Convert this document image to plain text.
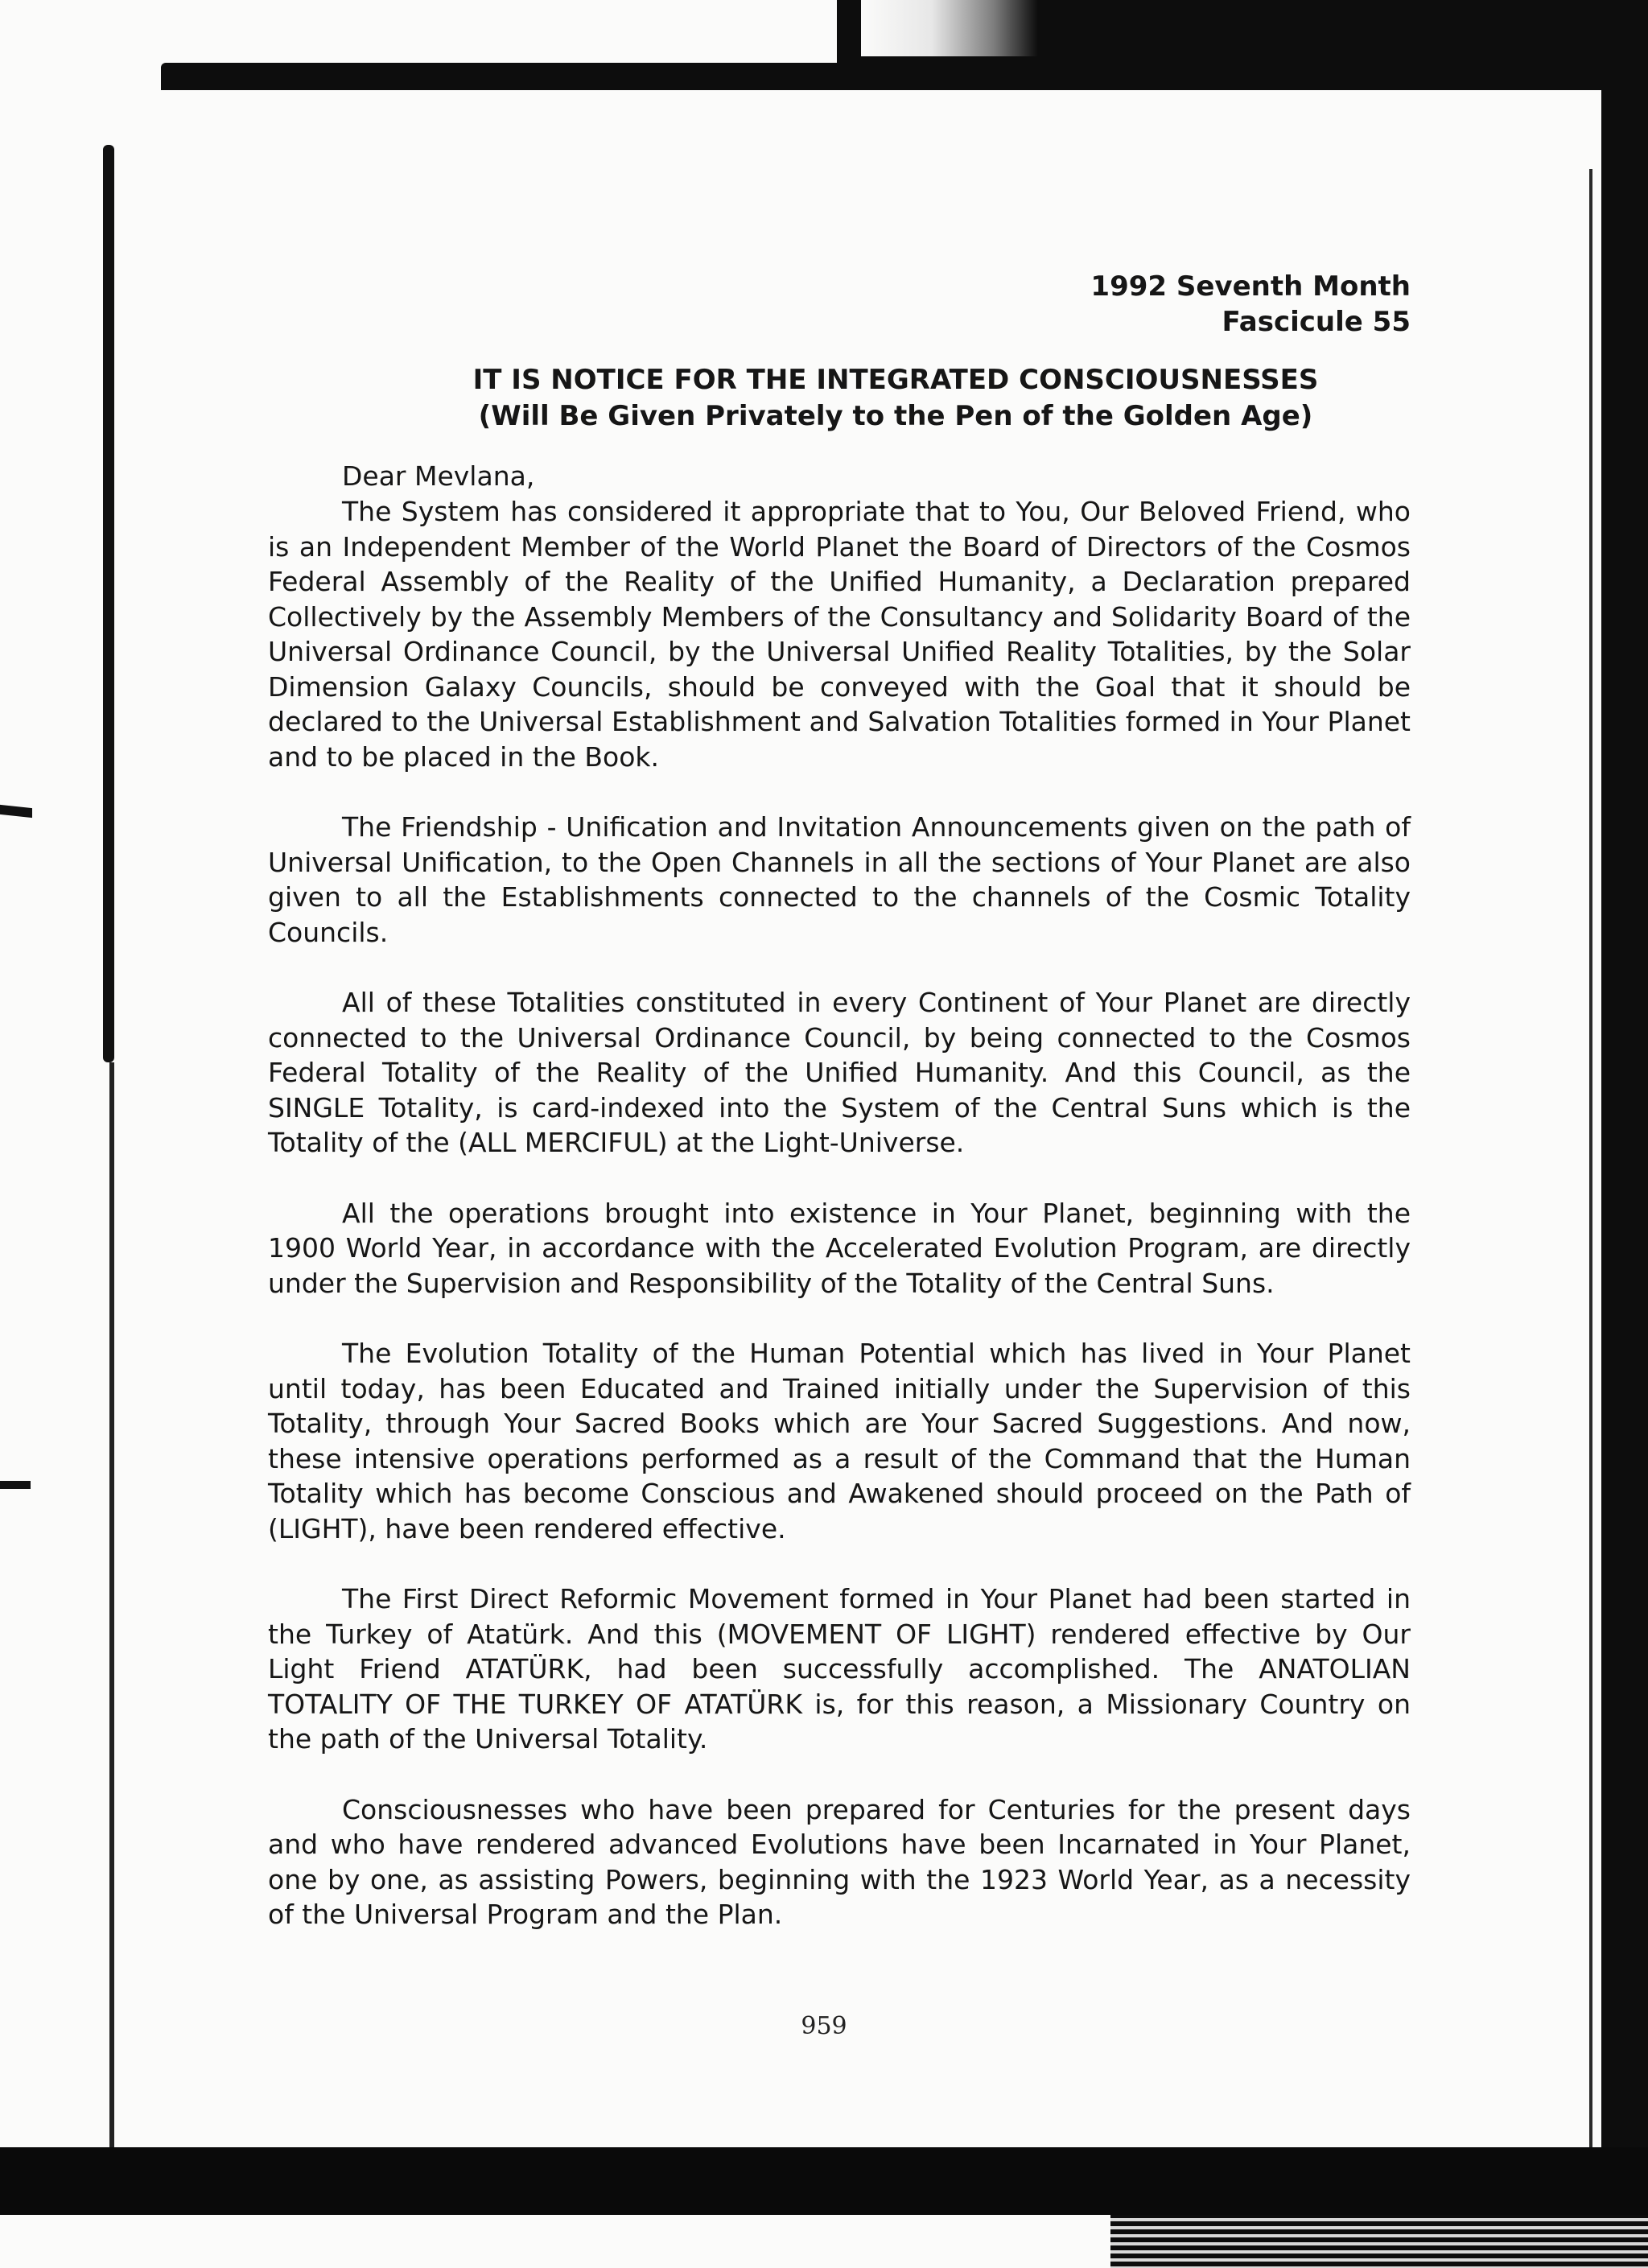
1992 Seventh Month
Fascicule 55
IT IS NOTICE FOR THE INTEGRATED CONSCIOUSNESSES
(Will Be Given Privately to the Pen of the Golden Age)
Dear Mevlana,

The System has considered it appropriate that to You, Our Beloved Friend, who is an Independent Member of the World Planet the Board of Directors of the Cosmos Federal Assembly of the Reality of the Unified Humanity, a Declaration prepared Collectively by the Assembly Members of the Consultancy and Solidarity Board of the Universal Ordinance Council, by the Universal Unified Reality Totalities, by the Solar Dimension Galaxy Councils, should be conveyed with the Goal that it should be declared to the Universal Establishment and Salvation Totalities formed in Your Planet and to be placed in the Book.

The Friendship - Unification and Invitation Announcements given on the path of Universal Unification, to the Open Channels in all the sections of Your Planet are also given to all the Establishments connected to the channels of the Cosmic Totality Councils.

All of these Totalities constituted in every Continent of Your Planet are directly connected to the Universal Ordinance Council, by being connected to the Cosmos Federal Totality of the Reality of the Unified Humanity. And this Council, as the SINGLE Totality, is card-indexed into the System of the Central Suns which is the Totality of the (ALL MERCIFUL) at the Light-Universe.

All the operations brought into existence in Your Planet, beginning with the 1900 World Year, in accordance with the Accelerated Evolution Program, are directly under the Supervision and Responsibility of the Totality of the Central Suns.

The Evolution Totality of the Human Potential which has lived in Your Planet until today, has been Educated and Trained initially under the Supervision of this Totality, through Your Sacred Books which are Your Sacred Suggestions. And now, these intensive operations performed as a result of the Command that the Human Totality which has become Conscious and Awakened should proceed on the Path of (LIGHT), have been rendered effective.

The First Direct Reformic Movement formed in Your Planet had been started in the Turkey of Atatürk. And this (MOVEMENT OF LIGHT) rendered effective by Our Light Friend ATATÜRK, had been successfully accomplished. The ANATOLIAN TOTALITY OF THE TURKEY OF ATATÜRK is, for this reason, a Missionary Country on the path of the Universal Totality.

Consciousnesses who have been prepared for Centuries for the present days and who have rendered advanced Evolutions have been Incarnated in Your Planet, one by one, as assisting Powers, beginning with the 1923 World Year, as a necessity of the Universal Program and the Plan.

959
